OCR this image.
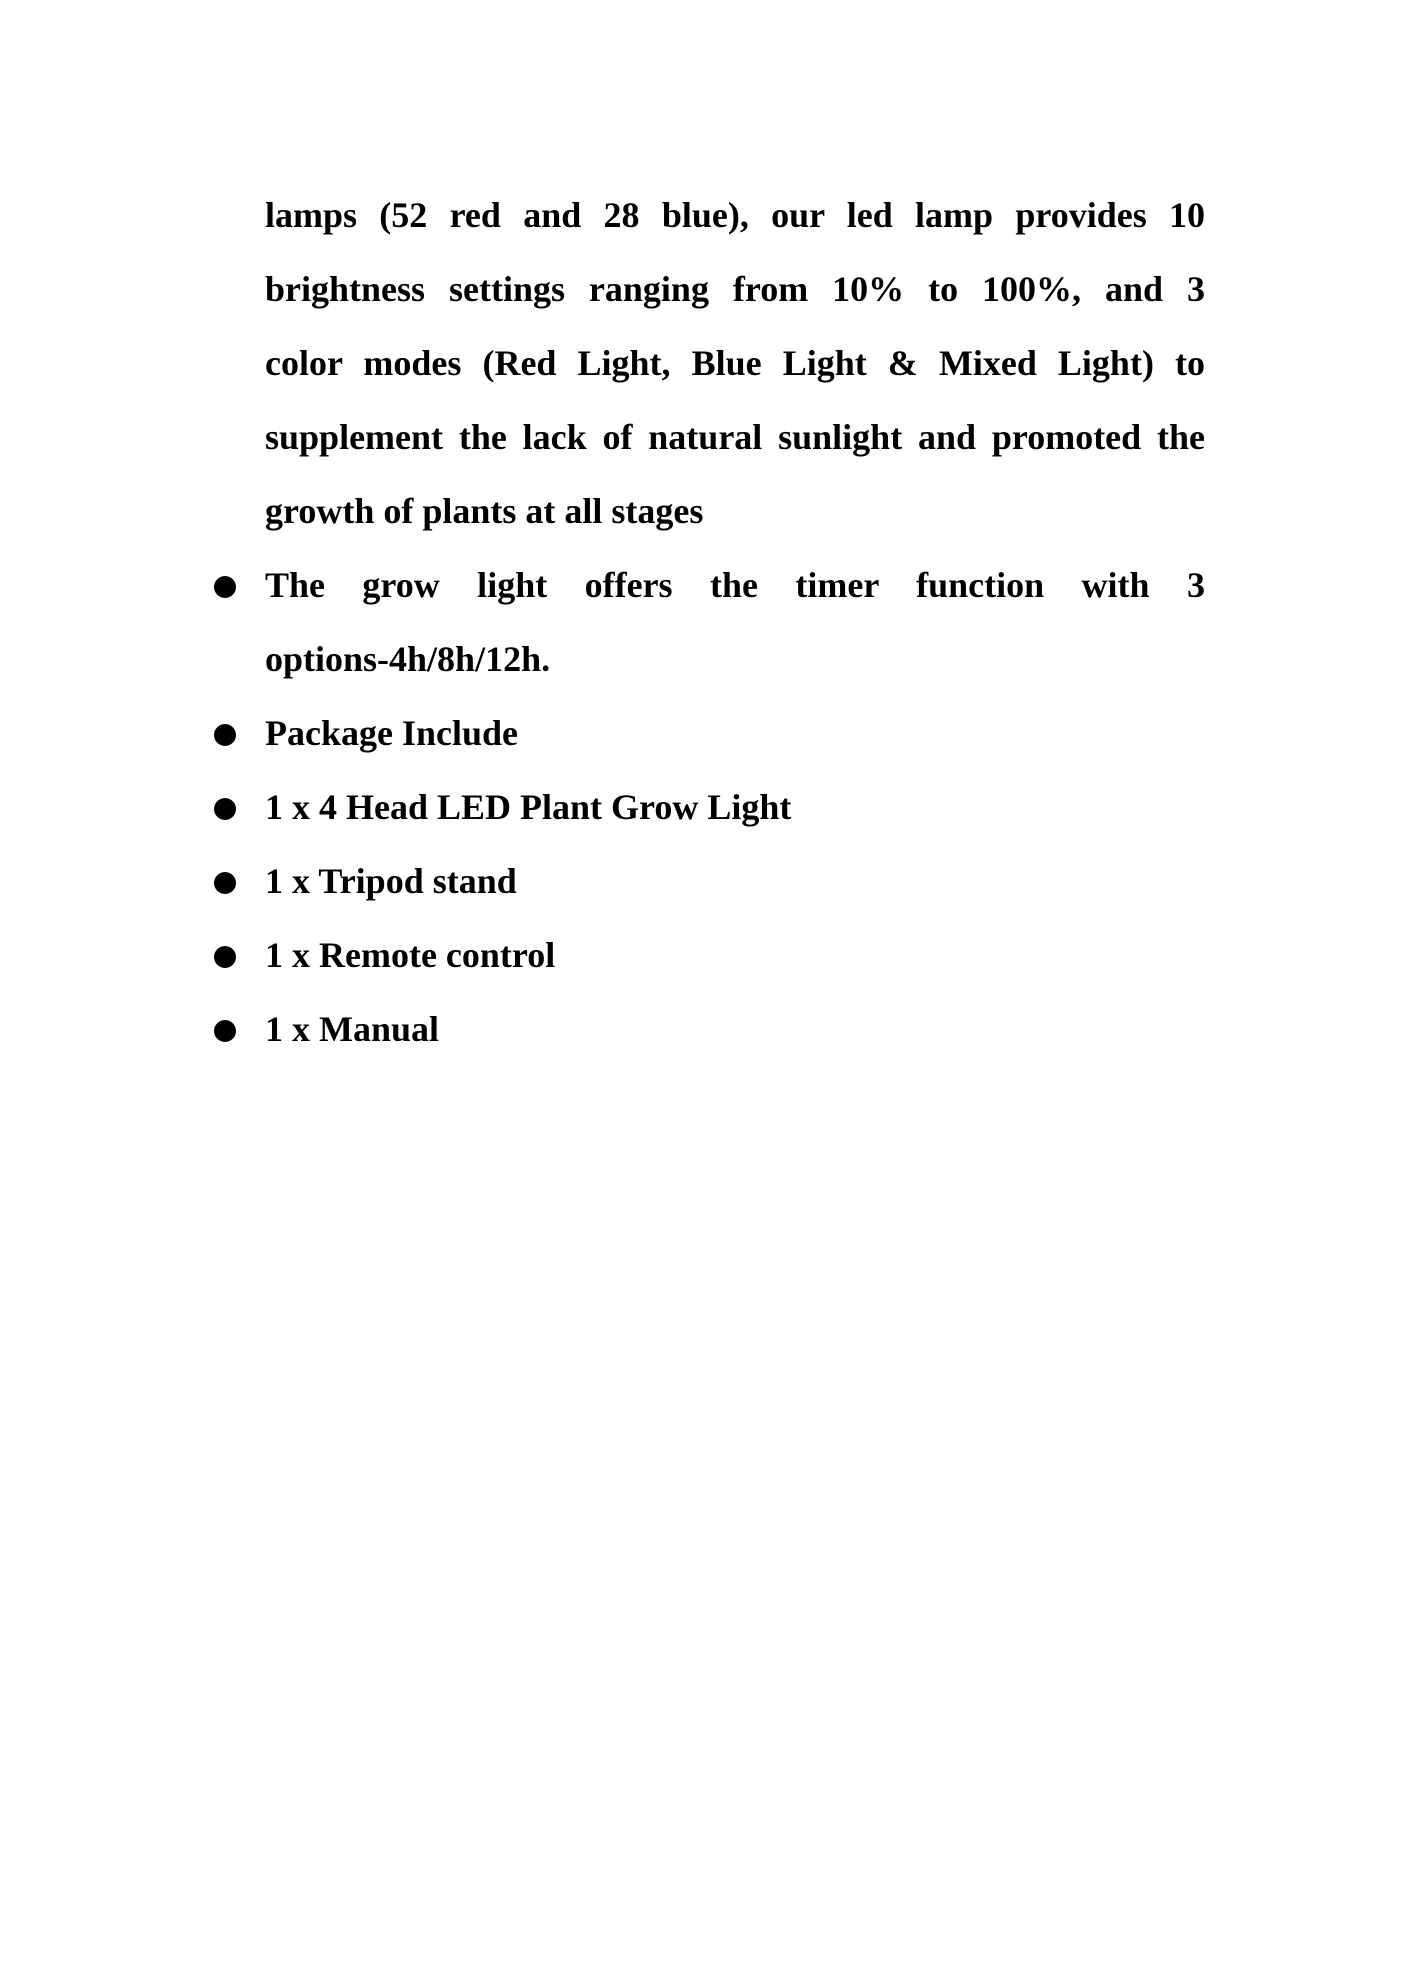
lamps (52 red and 28 blue), our led lamp provides 10
brightness settings ranging from 10% to 100%, and 3
color modes (Red Light, Blue Light & Mixed Light) to
supplement the lack of natural sunlight and promoted the
growth of plants at all stages
The grow light offers the timer function with 3
options-4h/8h/12h.
Package Include
1 x 4 Head LED Plant Grow Light
1 x Tripod stand
1 x Remote control
1 x Manual
